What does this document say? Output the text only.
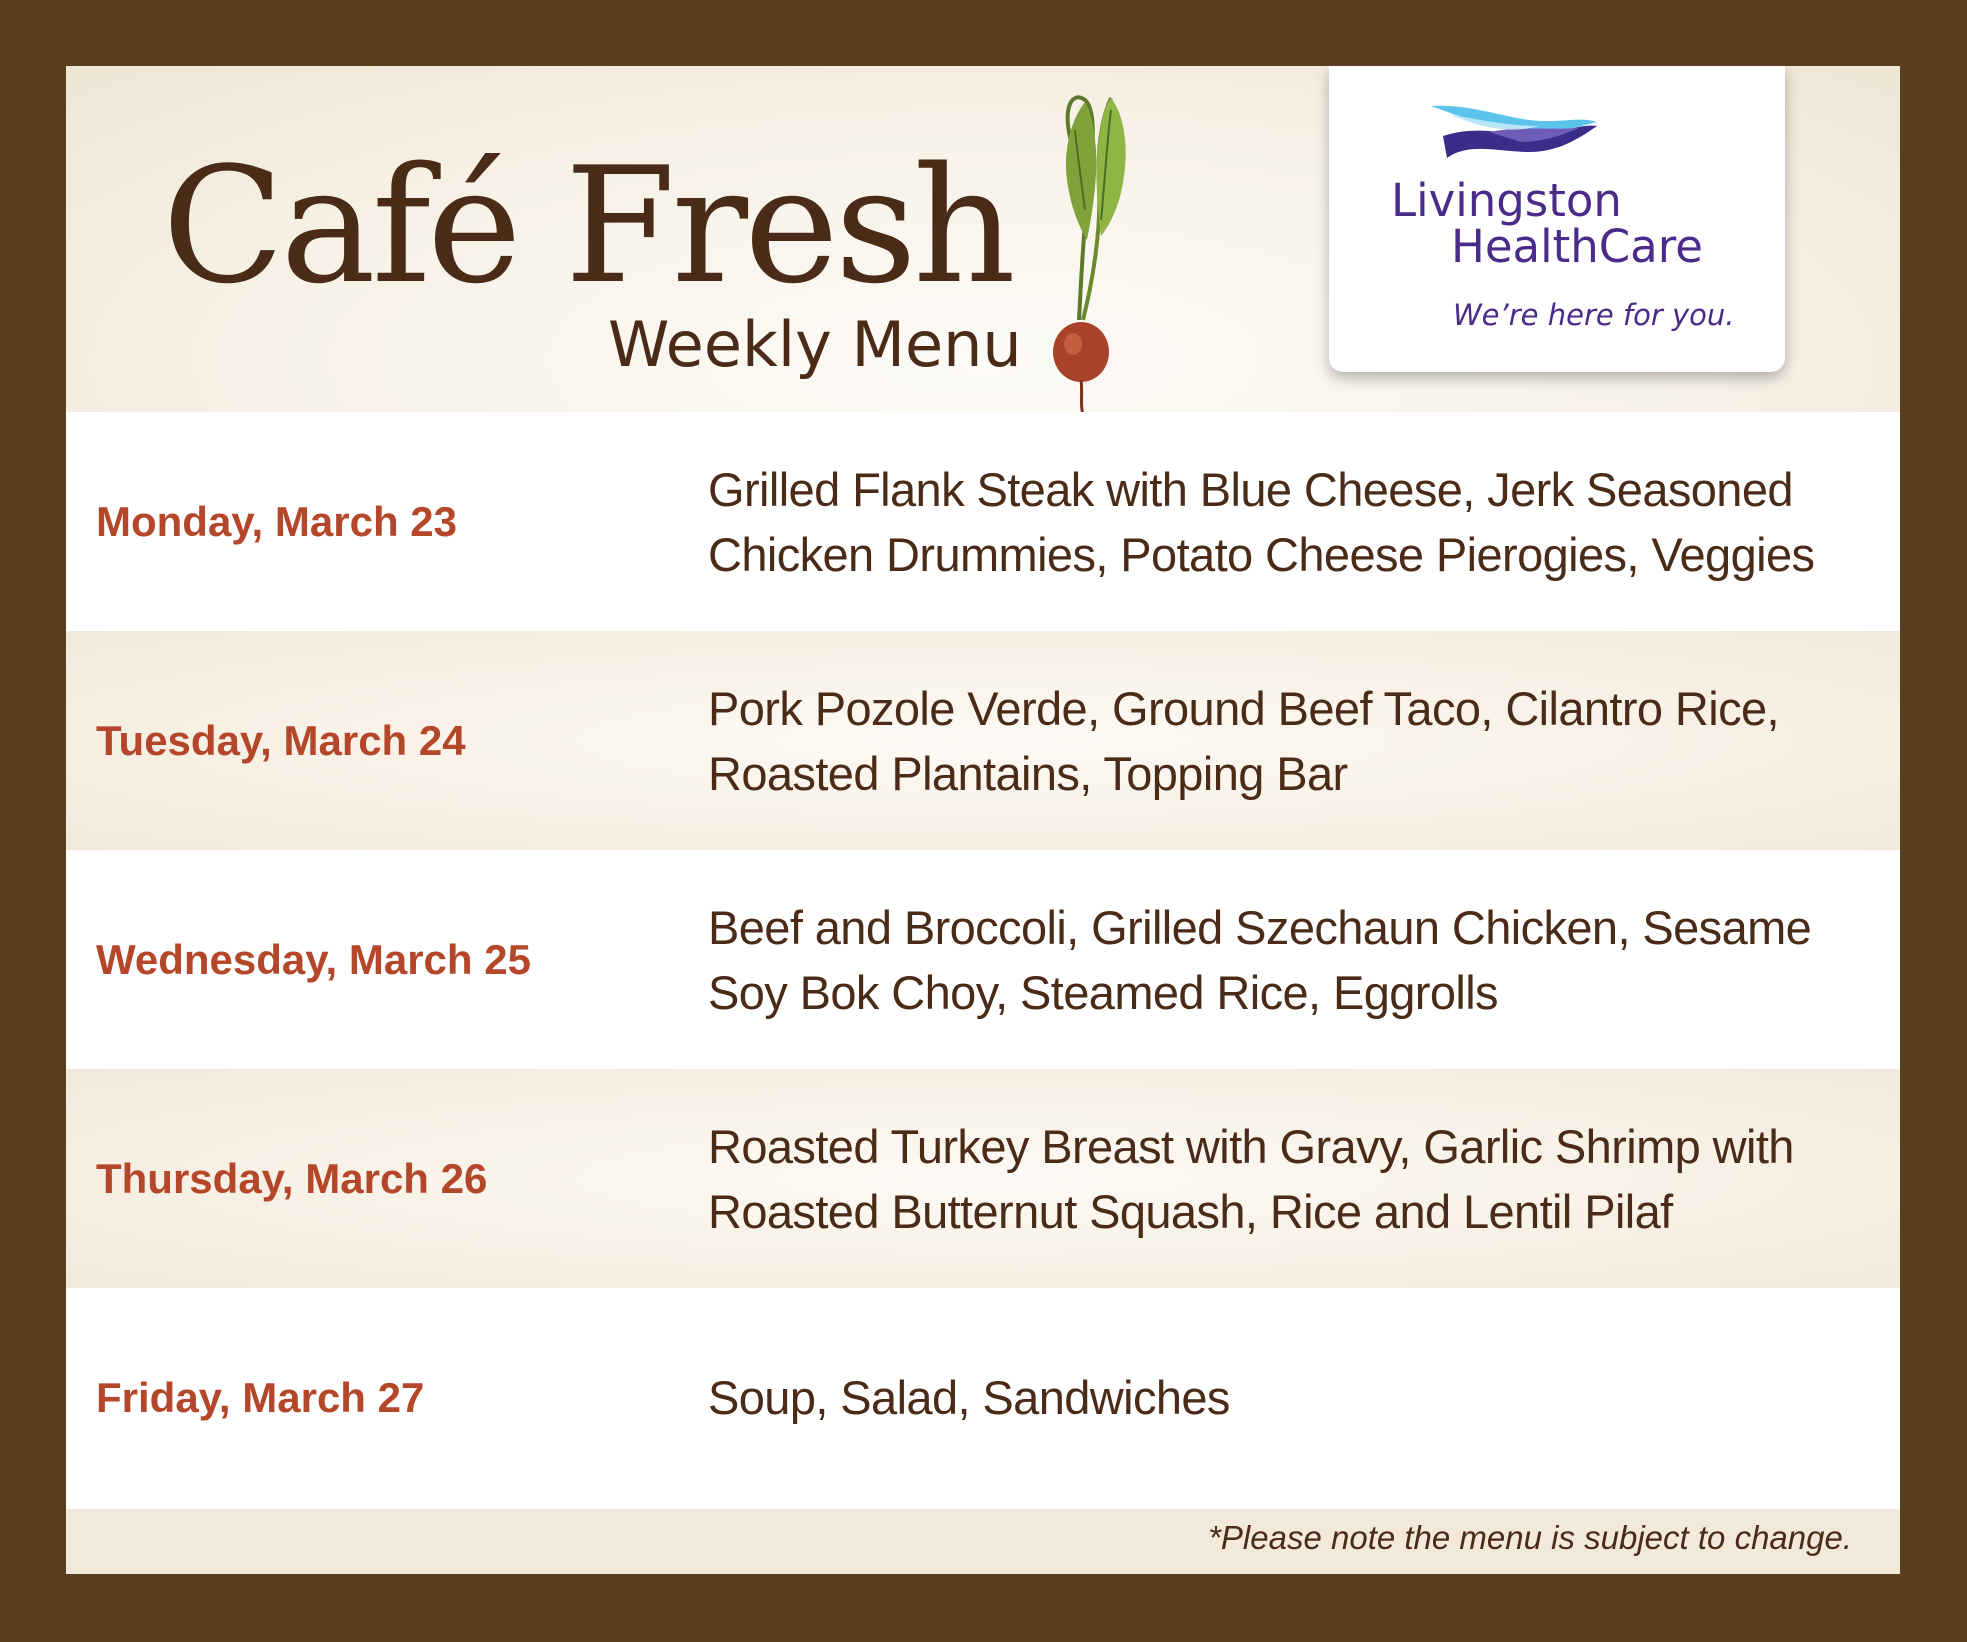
Café Fresh
Weekly Menu
Livingston
HealthCare
We’re here for you.
Monday, March 23
Grilled Flank Steak with Blue Cheese, Jerk Seasoned Chicken Drummies, Potato Cheese Pierogies, Veggies
Tuesday, March 24
Pork Pozole Verde, Ground Beef Taco, Cilantro Rice, Roasted Plantains, Topping Bar
Wednesday, March 25
Beef and Broccoli, Grilled Szechaun Chicken, Sesame Soy Bok Choy, Steamed Rice, Eggrolls
Thursday, March 26
Roasted Turkey Breast with Gravy, Garlic Shrimp with Roasted Butternut Squash, Rice and Lentil Pilaf
Friday, March 27	Soup, Salad, Sandwiches
*Please note the menu is subject to change.
